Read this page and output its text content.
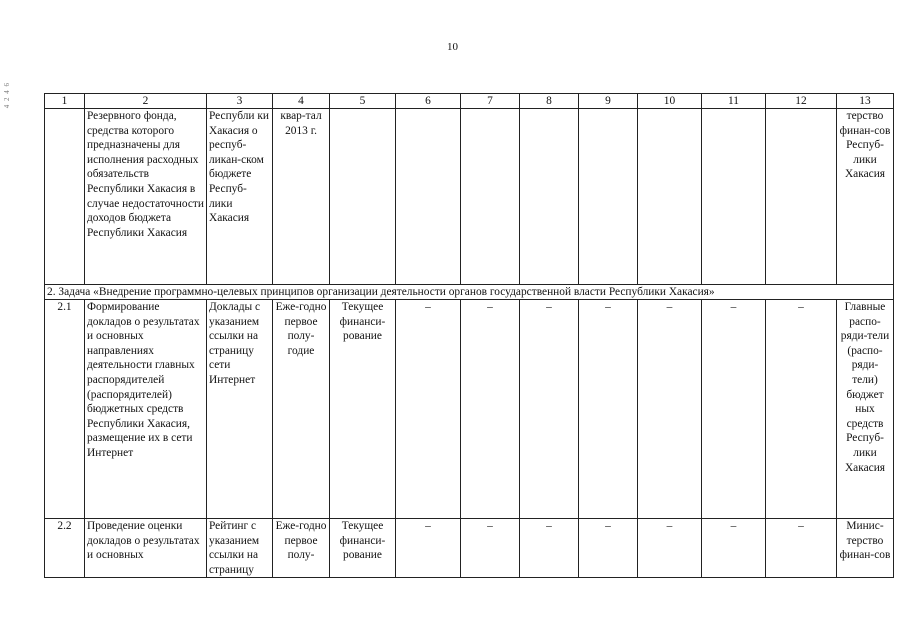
10
4 2 4 6	1	2	3	4	5	6	7	8	9	10	11	12	13
	Резервного фонда, средства которого предназначены для исполнения расходных обязательств Республики Хакасия в случае недостаточности доходов бюджета Республики Хакасия	Республи ки Хакасия о респуб-ликан-ском бюджете Респуб-лики Хакасия	квар-тал 2013 г.									терство финан-сов Респуб-лики Хакасия
2. Задача «Внедрение программно-целевых принципов организации деятельности органов государственной власти Республики Хакасия»												
2.1	Формирование докладов о результатах и основных направлениях деятельности главных распорядителей (распорядителей) бюджетных средств Республики Хакасия, размещение их в сети Интернет	Доклады с указанием ссылки на страницу сети Интернет	Еже-годно первое полу-годие	Текущее финанси-рование	–	–	–	–	–	–	–	Главные распо-ряди-тели (распо-ряди-тели) бюджет ных средств Респуб-лики Хакасия
2.2	Проведение оценки докладов о результатах и основных	Рейтинг с указанием ссылки на страницу	Еже-годно первое полу-	Текущее финанси-рование	–	–	–	–	–	–	–	Минис-терство финан-сов
